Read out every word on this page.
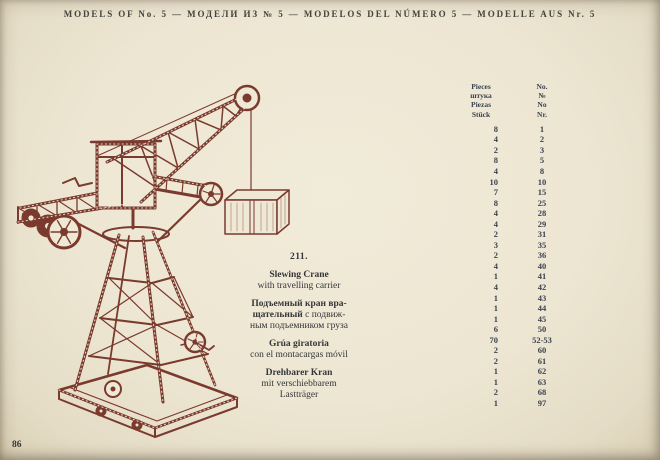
MODELS OF No. 5 — МОДЕЛИ ИЗ № 5 — MODELOS DEL NÚMERO 5 — MODELLE AUS Nr. 5
211.
Slewing Crane
with travelling carrier
Подъемный кран вра-
щательный с подвиж-
ным подъемником груза
Grúa giratoria
con el montacargas móvil
Drehbarer Kran
mit verschiebbarem
Lastträger
Pieces
штука
Piezas
Stück
No.
№
No
Nr.
8	1
4	2
2	3
8	5
4	8
10	10
7	15
8	25
4	28
4	29
2	31
3	35
2	36
4	40
1	41
4	42
1	43
1	44
1	45
6	50
70	52-53
2	60
2	61
1	62
1	63
2	68
1	97
86
